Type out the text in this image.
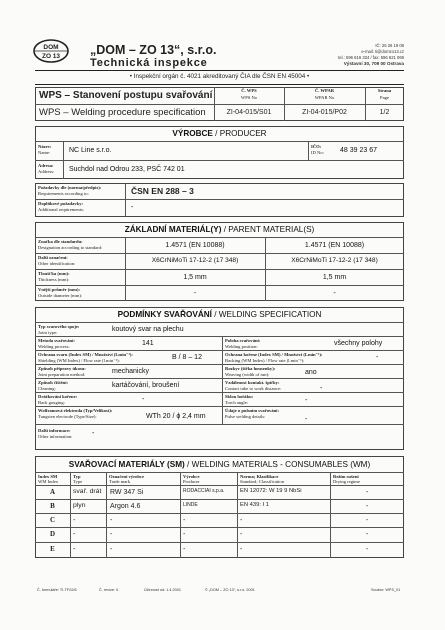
DOM
ZO 13 „DOM – ZO 13“, s.r.o.
Technická inspekce
IČ: 25 26 19 08
e-mail: ti@domzo13.cz
tel.: 596 616 334 / fax: 596 621 069
Výstavní 30, 709 00 Ostrava
• Inspekční orgán č. 4021 akreditovaný ČIA dle ČSN EN 45004 •
WPS – Stanovení postupu svařování
WPS – Welding procedure specification
Č. WPS
WPS No
ZI-04-015/S01
Č. WPAR
WPAR No
ZI-04-015/P02
Strana
Page
1/2
VÝROBCE / PRODUCER
Název:
Name:	NC Line s.r.o.
IČO:
ID No: 48 39 23 67
Adresa:
Address: Suchdol nad Odrou 233, PSČ 742 01
Požadavky dle (norma/předpis):
Requirements according to:	ČSN EN 288 – 3
Doplňkové požadavky:
Additional requirements:	-
ZÁKLADNÍ MATERIÁL(Y) / PARENT MATERIAL(S)
Značka dle standardu:
Designation according to standard:	1.4571 (EN 10088)	1.4571 (EN 10088)
Další označení:
Other identification:	X6CrNiMoTi 17-12-2 (17 348)	X6CrNiMoTi 17-12-2 (17 348)
Tloušťka (mm):
Thickness (mm):	1,5 mm	1,5 mm
Vnější průměr (mm):
Outside diameter (mm):	-	-
PODMÍNKY SVAŘOVÁNÍ / WELDING SPECIFICATION
Typ svarového spoje:
Joint type:	koutový svar na plechu
Metoda svařování:
Welding process:	141
Ochrana svaru (Index SM) / Množství (Lmin⁻¹):
Shielding (WM Index) / Flow rate (l.min⁻¹):	B / 8 – 12
Způsob přípravy úkosu:
Joint preparation method:	mechanicky
Způsob čištění:
Cleaning:	kartáčování, broušení
Drážkování kořene:
Back gouging:	-
Wolframová elektroda (Typ/Velikost):
Tungsten electrode (Type/Size):	WTh 20 / ϕ 2,4 mm
Poloha svařování:
Welding position:	všechny polohy
Ochrana kořene (Index SM) / Množství (Lmin⁻¹):
Backing (WM Index) / Flow rate (l.min⁻¹):	-
Rozkyv (šířka housenky):
Weaving (width of run):	ano
Vzdálenost kontakt. špičky:
Contact tube to work distance:	-
Sklon hořáku:
Torch angle:	-
Údaje o pulsním svařování:
Pulse welding details:	-
Další informace:
Other information:	-
SVAŘOVACÍ MATERIÁLY (SM) / WELDING MATERIALS - CONSUMABLES (WM)
Index SM
WM Index
Typ
Type
Označení výrobce
Trade mark
Výrobce
Producer
Norma; Klasifikace
Standard; Classification
Režim sušení
Drying regime
A	svař. drát RW 347 Si	RODACCIAI s.p.a.	EN 12072: W 19 9 NbSi	-
B	plyn	Argon 4.6	LINDE	EN 439: I 1	-
C	-	-	-	-	-
D	-	-	-	-	-
E	-	-	-	-	-
Č. formuláře: TI-TF02/6	Č. revize: 0	Účinnost od: 1.4.2001	© „DOM – ZO 13“, s.r.o. 2001	Soubor: WPS_01
